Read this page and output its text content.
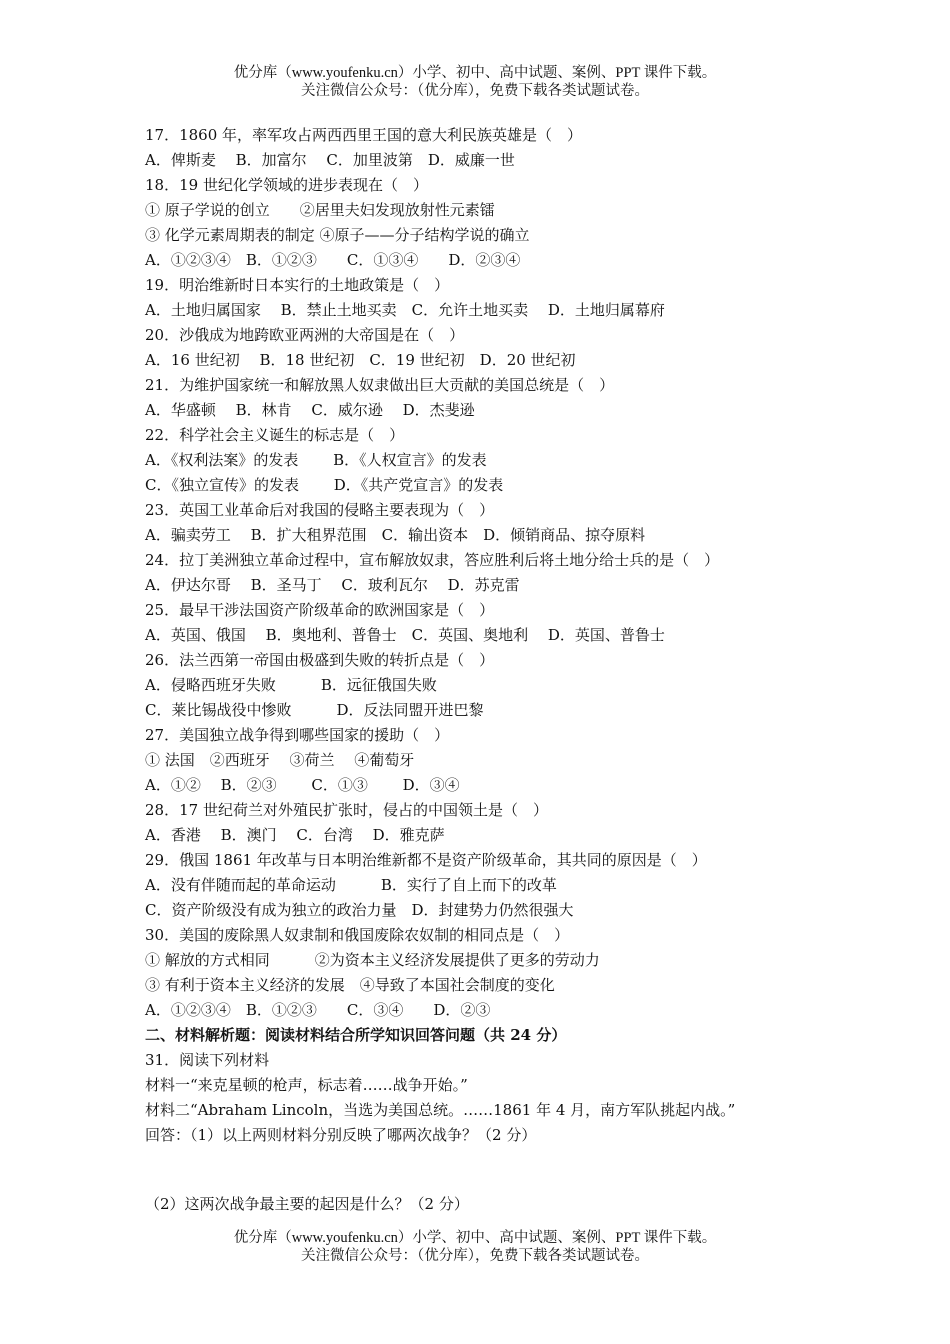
优分库（www.youfenku.cn）小学、初中、高中试题、案例、PPT 课件下载。
关注微信公众号：（优分库），免费下载各类试题试卷。
17．1860 年，率军攻占两西西里王国的意大利民族英雄是（　）
A．俾斯麦　 B．加富尔　 C．加里波第　D．威廉一世
18．19 世纪化学领域的进步表现在（　）
① 原子学说的创立　　②居里夫妇发现放射性元素镭
③ 化学元素周期表的制定 ④原子——分子结构学说的确立
A．①②③④　B．①②③　　C．①③④　　D．②③④
19．明治维新时日本实行的土地政策是（　）
A．土地归属国家　 B．禁止土地买卖　C．允许土地买卖　 D．土地归属幕府
20．沙俄成为地跨欧亚两洲的大帝国是在（　）
A．16 世纪初　 B．18 世纪初　C．19 世纪初　D．20 世纪初
21．为维护国家统一和解放黑人奴隶做出巨大贡献的美国总统是（　）
A．华盛顿　 B．林肯　 C．威尔逊　 D．杰斐逊
22．科学社会主义诞生的标志是（　）
A．《权利法案》的发表　　 B．《人权宣言》的发表
C．《独立宣传》的发表　　 D．《共产党宣言》的发表
23．英国工业革命后对我国的侵略主要表现为（　）
A．骗卖劳工　 B．扩大租界范围　C．输出资本　D．倾销商品、掠夺原料
24．拉丁美洲独立革命过程中，宣布解放奴隶，答应胜利后将土地分给士兵的是（　）
A．伊达尔哥　 B．圣马丁　 C．玻利瓦尔　 D．苏克雷
25．最早干涉法国资产阶级革命的欧洲国家是（　）
A．英国、俄国　 B．奥地利、普鲁士　C．英国、奥地利　 D．英国、普鲁士
26．法兰西第一帝国由极盛到失败的转折点是（　）
A．侵略西班牙失败　　　B．远征俄国失败
C．莱比锡战役中惨败　　　D．反法同盟开进巴黎
27．美国独立战争得到哪些国家的援助（　）
① 法国　②西班牙　 ③荷兰　 ④葡萄牙
A．①②　 B．②③　　 C．①③　　 D．③④
28．17 世纪荷兰对外殖民扩张时，侵占的中国领土是（　）
A．香港　 B．澳门　 C．台湾　 D．雅克萨
29．俄国 1861 年改革与日本明治维新都不是资产阶级革命，其共同的原因是（　）
A．没有伴随而起的革命运动　　　B．实行了自上而下的改革
C．资产阶级没有成为独立的政治力量　D．封建势力仍然很强大
30．美国的废除黑人奴隶制和俄国废除农奴制的相同点是（　）
① 解放的方式相同　　　②为资本主义经济发展提供了更多的劳动力
③ 有利于资本主义经济的发展　④导致了本国社会制度的变化
A．①②③④　B．①②③　　C．③④　　D．②③
二、材料解析题：阅读材料结合所学知识回答问题（共 24 分）
31．阅读下列材料
材料一“来克星顿的枪声，标志着……战争开始。”
材料二“Abraham Lincoln，当选为美国总统。……1861 年 4 月，南方军队挑起内战。”
回答：（1）以上两则材料分别反映了哪两次战争？（2 分）
（2）这两次战争最主要的起因是什么？（2 分）
优分库（www.youfenku.cn）小学、初中、高中试题、案例、PPT 课件下载。
关注微信公众号：（优分库），免费下载各类试题试卷。
